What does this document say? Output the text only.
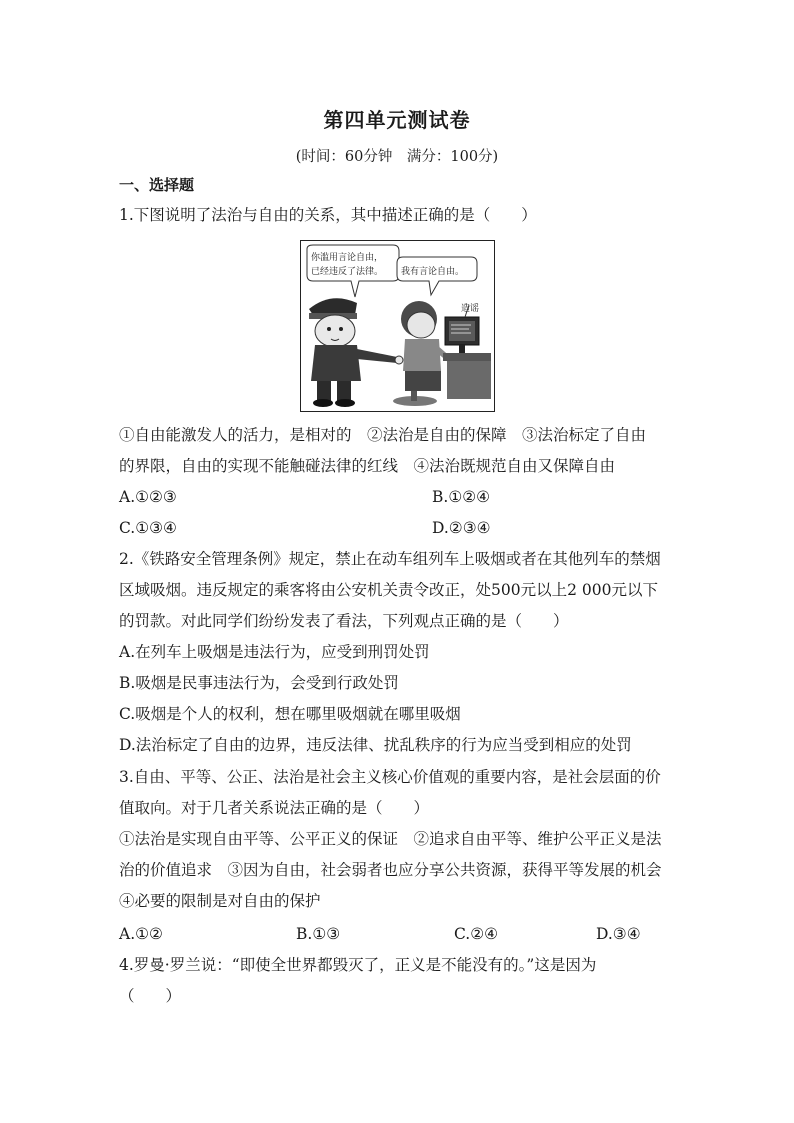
第四单元测试卷
(时间：60分钟　满分：100分)
一、选择题
1.下图说明了法治与自由的关系，其中描述正确的是（　　）
你滥用言论自由，
已经违反了法律。 我有言论自由。
造谣
①自由能激发人的活力，是相对的　②法治是自由的保障　③法治标定了自由
的界限，自由的实现不能触碰法律的红线　④法治既规范自由又保障自由
A.①②③	B.①②④
C.①③④	D.②③④
2.《铁路安全管理条例》规定，禁止在动车组列车上吸烟或者在其他列车的禁烟
区域吸烟。违反规定的乘客将由公安机关责令改正，处500元以上2 000元以下
的罚款。对此同学们纷纷发表了看法，下列观点正确的是（　　）
A.在列车上吸烟是违法行为，应受到刑罚处罚
B.吸烟是民事违法行为，会受到行政处罚
C.吸烟是个人的权利，想在哪里吸烟就在哪里吸烟
D.法治标定了自由的边界，违反法律、扰乱秩序的行为应当受到相应的处罚
3.自由、平等、公正、法治是社会主义核心价值观的重要内容，是社会层面的价
值取向。对于几者关系说法正确的是（　　）
①法治是实现自由平等、公平正义的保证　②追求自由平等、维护公平正义是法
治的价值追求　③因为自由，社会弱者也应分享公共资源，获得平等发展的机会
④必要的限制是对自由的保护
A.①②	B.①③	C.②④	D.③④
4.罗曼·罗兰说：“即使全世界都毁灭了，正义是不能没有的。”这是因为
（　　）
